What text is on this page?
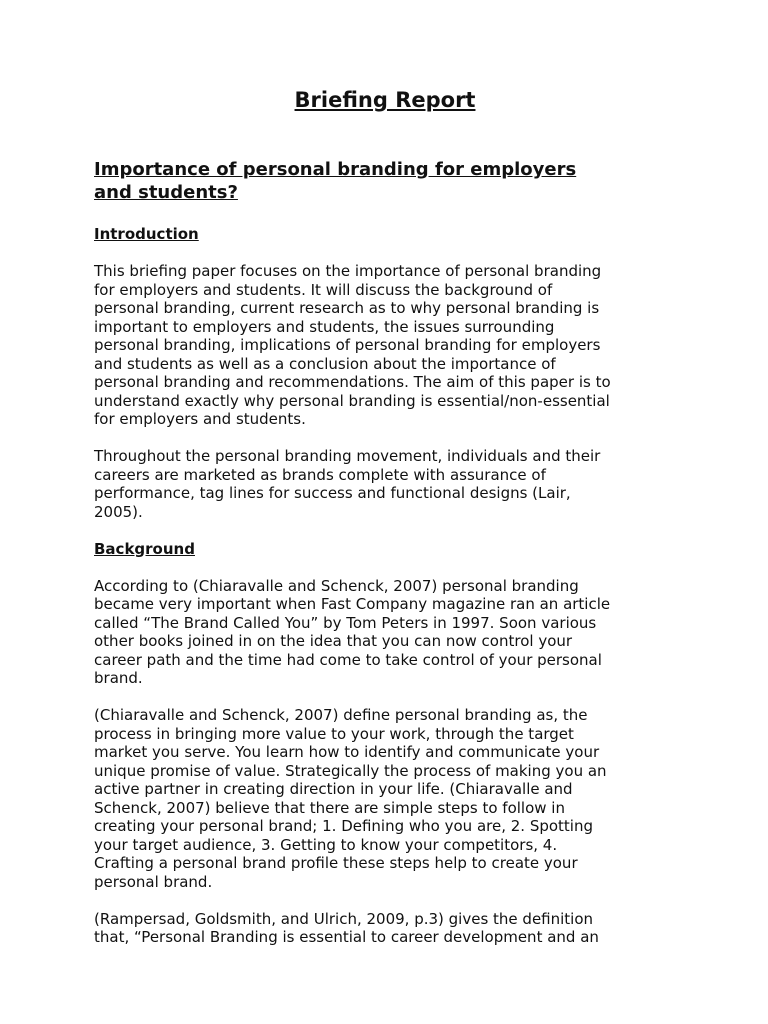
Briefing Report
Importance of personal branding for employers
and students?
Introduction

This briefing paper focuses on the importance of personal branding
for employers and students. It will discuss the background of
personal branding, current research as to why personal branding is
important to employers and students, the issues surrounding
personal branding, implications of personal branding for employers
and students as well as a conclusion about the importance of
personal branding and recommendations. The aim of this paper is to
understand exactly why personal branding is essential/non-essential
for employers and students.

Throughout the personal branding movement, individuals and their
careers are marketed as brands complete with assurance of
performance, tag lines for success and functional designs (Lair,
2005).

Background

According to (Chiaravalle and Schenck, 2007) personal branding
became very important when Fast Company magazine ran an article
called “The Brand Called You” by Tom Peters in 1997. Soon various
other books joined in on the idea that you can now control your
career path and the time had come to take control of your personal
brand.

(Chiaravalle and Schenck, 2007) define personal branding as, the
process in bringing more value to your work, through the target
market you serve. You learn how to identify and communicate your
unique promise of value. Strategically the process of making you an
active partner in creating direction in your life. (Chiaravalle and
Schenck, 2007) believe that there are simple steps to follow in
creating your personal brand; 1. Defining who you are, 2. Spotting
your target audience, 3. Getting to know your competitors, 4.
Crafting a personal brand profile these steps help to create your
personal brand.

(Rampersad, Goldsmith, and Ulrich, 2009, p.3) gives the definition
that, “Personal Branding is essential to career development and an
